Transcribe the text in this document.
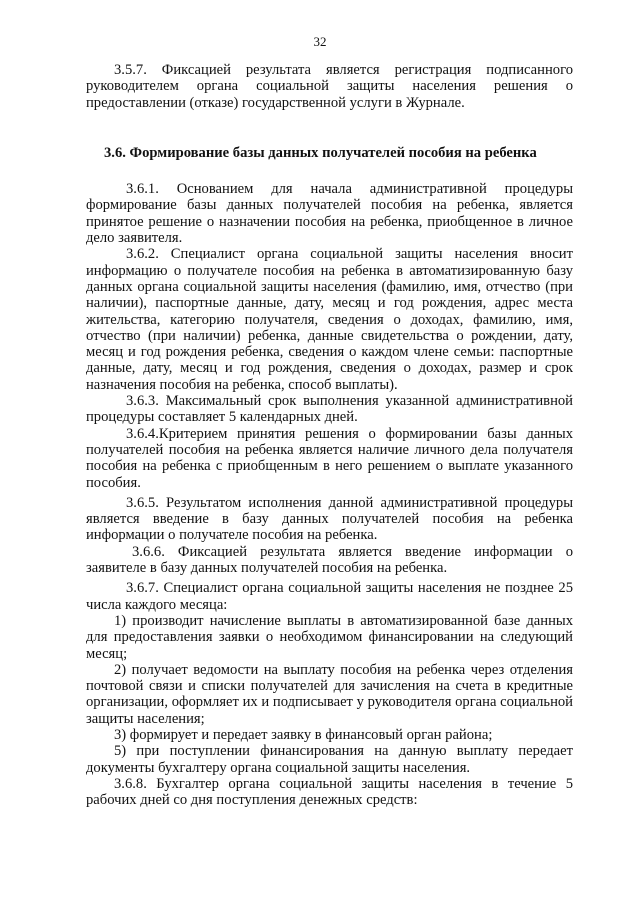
32

3.5.7. Фиксацией результата является регистрация подписанного руководителем органа социальной защиты населения решения о предоставлении (отказе) государственной услуги в Журнале.

3.6. Формирование базы данных получателей пособия на ребенка

3.6.1. Основанием для начала административной процедуры формирование базы данных получателей пособия на ребенка, является принятое решение о назначении пособия на ребенка, приобщенное в личное дело заявителя.

3.6.2. Специалист органа социальной защиты населения вносит информацию о получателе пособия на ребенка в автоматизированную базу данных органа социальной защиты населения (фамилию, имя, отчество (при наличии), паспортные данные, дату, месяц и год рождения, адрес места жительства, категорию получателя, сведения о доходах, фамилию, имя, отчество (при наличии) ребенка, данные свидетельства о рождении, дату, месяц и год рождения ребенка, сведения о каждом члене семьи: паспортные данные, дату, месяц и год рождения, сведения о доходах, размер и срок назначения пособия на ребенка, способ выплаты).

3.6.3. Максимальный срок выполнения указанной административной процедуры составляет 5 календарных дней.

3.6.4.Критерием принятия решения о формировании базы данных получателей пособия на ребенка является наличие личного дела получателя пособия на ребенка с приобщенным в него решением о выплате указанного пособия.

3.6.5. Результатом исполнения данной административной процедуры является введение в базу данных получателей пособия на ребенка информации о получателе пособия на ребенка.

3.6.6. Фиксацией результата является введение информации о заявителе в базу данных получателей пособия на ребенка.

3.6.7. Специалист органа социальной защиты населения не позднее 25 числа каждого месяца:

1) производит начисление выплаты в автоматизированной базе данных для предоставления заявки о необходимом финансировании на следующий месяц;

2) получает ведомости на выплату пособия на ребенка через отделения почтовой связи и списки получателей для зачисления на счета в кредитные организации, оформляет их и подписывает у руководителя органа социальной защиты населения;

3) формирует и передает заявку в финансовый орган района;

5) при поступлении финансирования на данную выплату передает документы бухгалтеру органа социальной защиты населения.

3.6.8. Бухгалтер органа социальной защиты населения в течение 5 рабочих дней со дня поступления денежных средств:
